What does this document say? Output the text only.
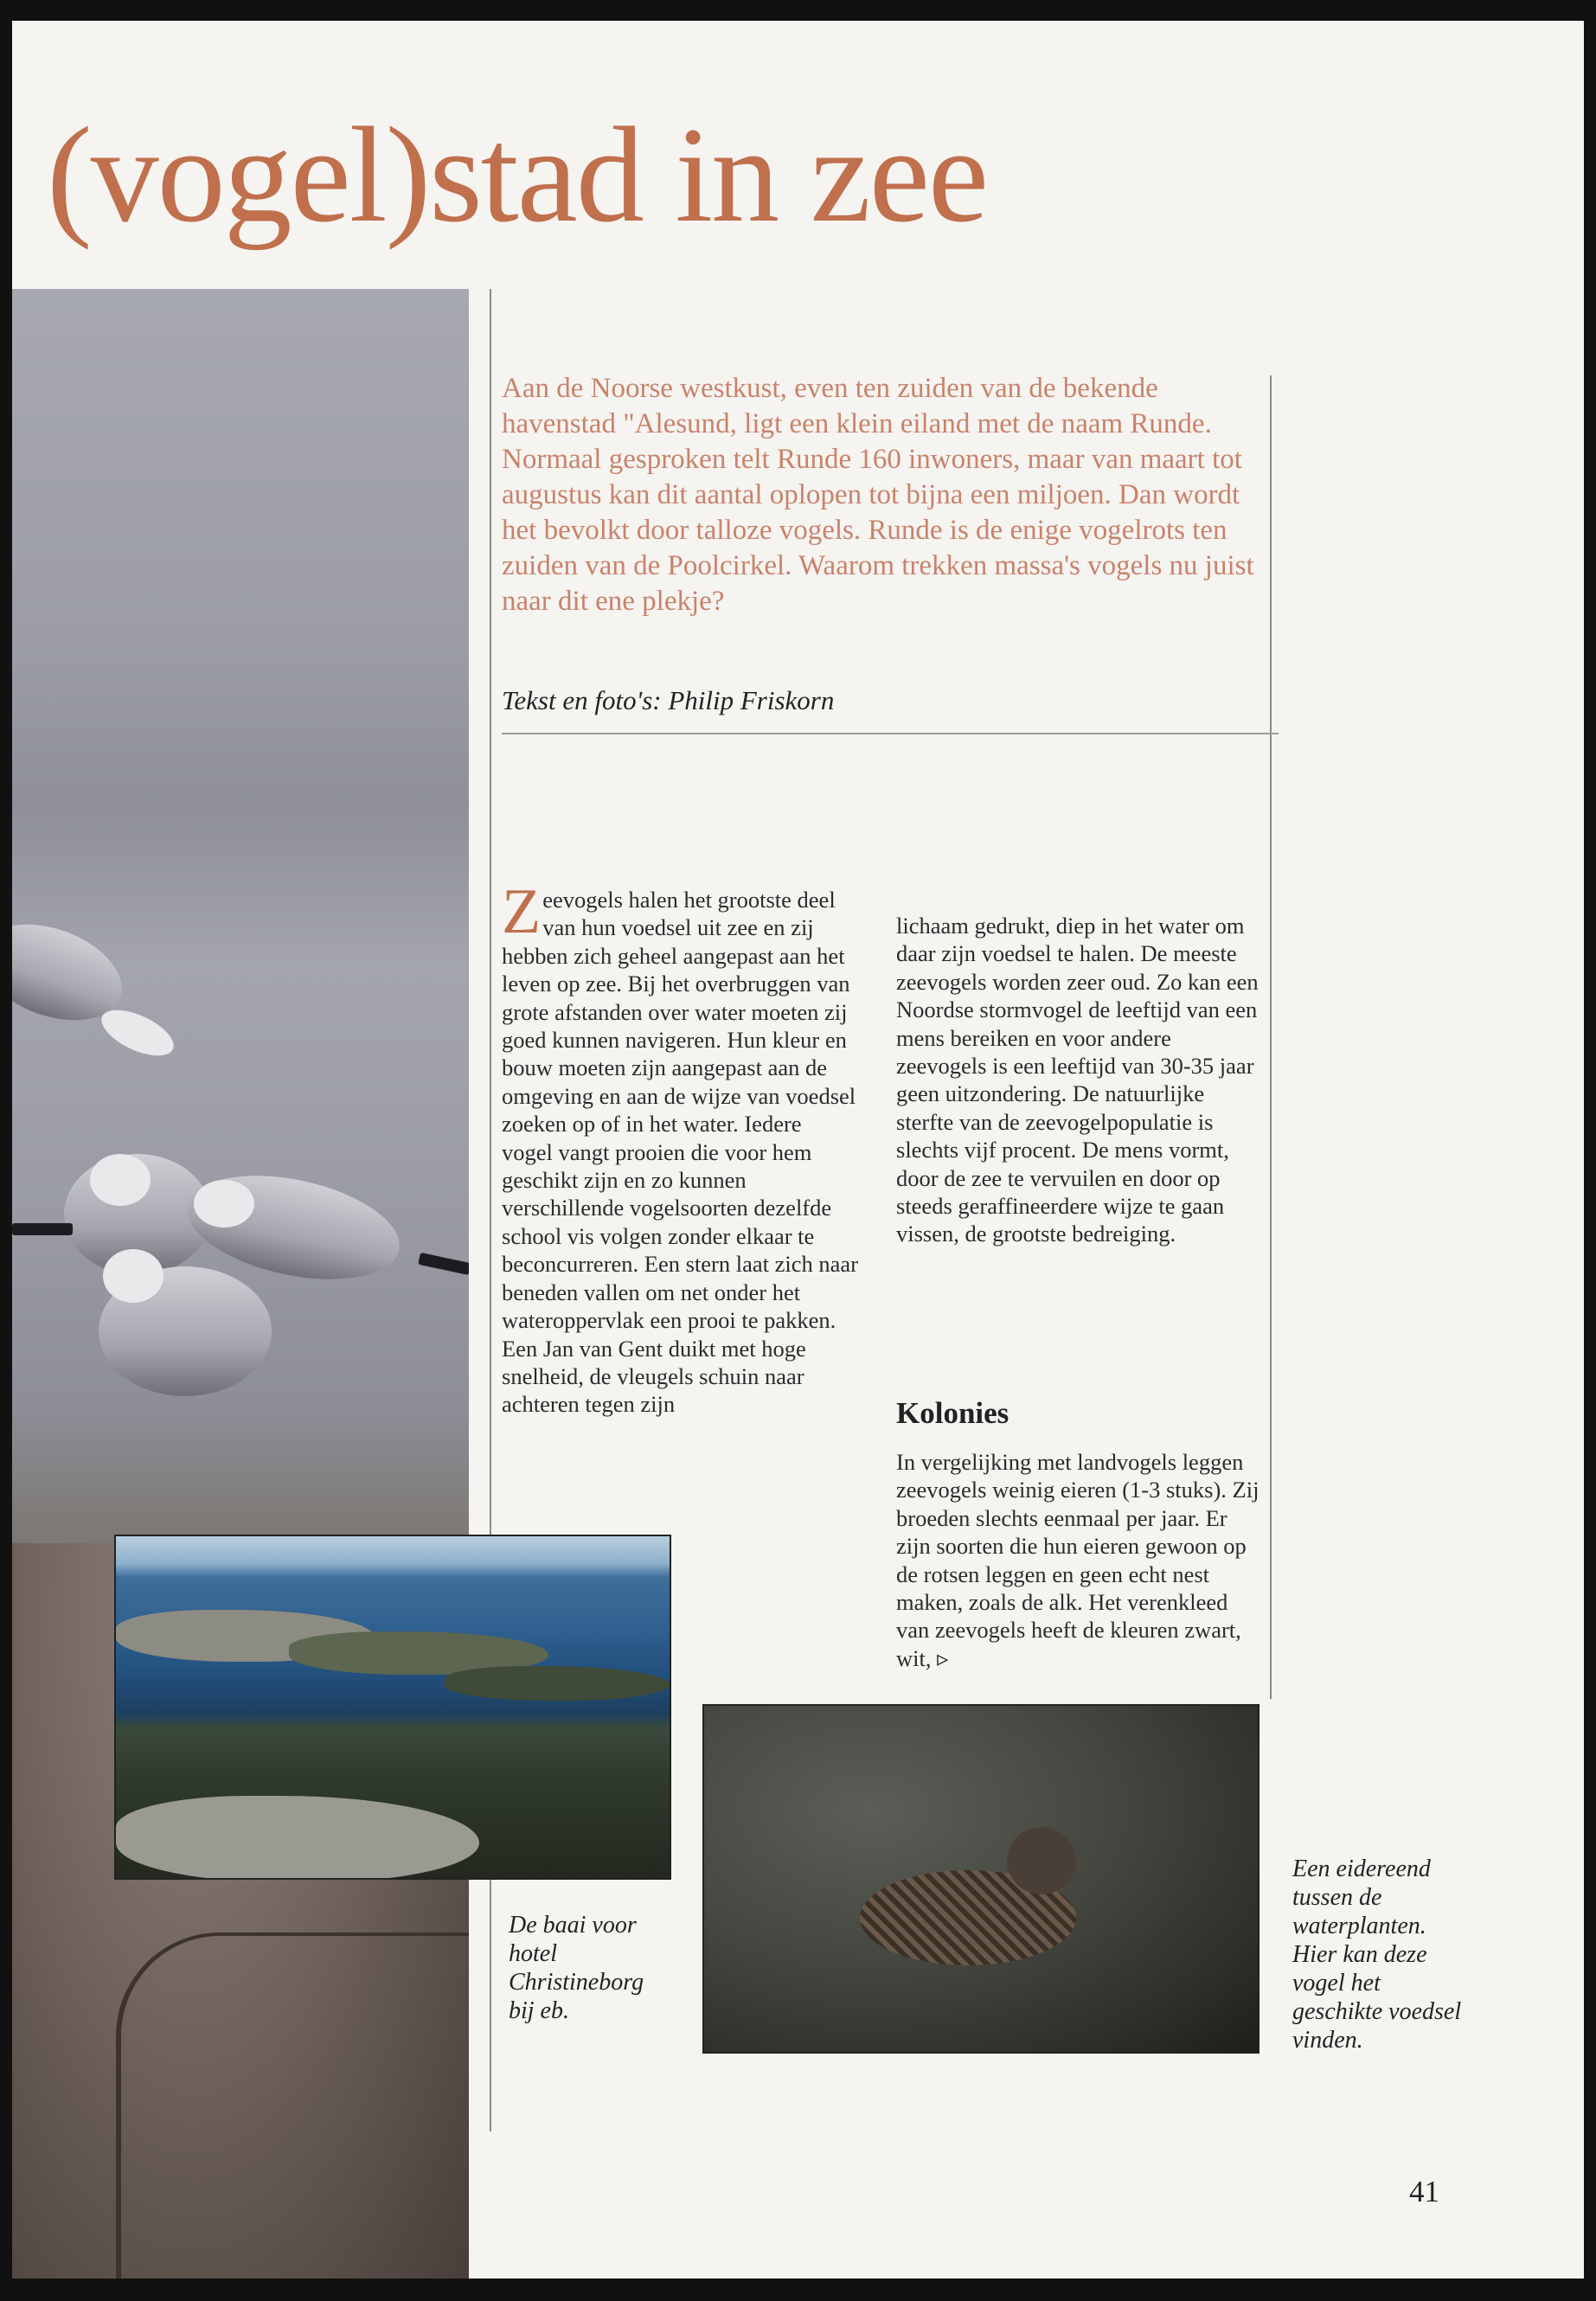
(vogel)stad in zee

Aan de Noorse westkust, even ten zuiden van de bekende havenstad "Alesund, ligt een klein eiland met de naam Runde. Normaal gesproken telt Runde 160 inwoners, maar van maart tot augustus kan dit aantal oplopen tot bijna een miljoen. Dan wordt het bevolkt door talloze vogels. Runde is de enige vogelrots ten zuiden van de Poolcirkel. Waarom trekken massa's vogels nu juist naar dit ene plekje?

Tekst en foto's: Philip Friskorn

Zeevogels halen het grootste deel van hun voedsel uit zee en zij hebben zich geheel aangepast aan het leven op zee. Bij het overbruggen van grote afstanden over water moeten zij goed kunnen navigeren. Hun kleur en bouw moeten zijn aangepast aan de omgeving en aan de wijze van voedsel zoeken op of in het water. Iedere vogel vangt prooien die voor hem geschikt zijn en zo kunnen verschillende vogelsoorten dezelfde school vis volgen zonder elkaar te beconcurreren. Een stern laat zich naar beneden vallen om net onder het wateroppervlak een prooi te pakken. Een Jan van Gent duikt met hoge snelheid, de vleugels schuin naar achteren tegen zijn

lichaam gedrukt, diep in het water om daar zijn voedsel te halen. De meeste zeevogels worden zeer oud. Zo kan een Noordse stormvogel de leeftijd van een mens bereiken en voor andere zeevogels is een leeftijd van 30-35 jaar geen uitzondering. De natuurlijke sterfte van de zeevogelpopulatie is slechts vijf procent. De mens vormt, door de zee te vervuilen en door op steeds geraffineerdere wijze te gaan vissen, de grootste bedreiging.

Kolonies

In vergelijking met landvogels leggen zeevogels weinig eieren (1-3 stuks). Zij broeden slechts eenmaal per jaar. Er zijn soorten die hun eieren gewoon op de rotsen leggen en geen echt nest maken, zoals de alk. Het verenkleed van zeevogels heeft de kleuren zwart, wit, ▹

De baai voor hotel Christineborg bij eb.

Een eidereend tussen de waterplanten. Hier kan deze vogel het geschikte voedsel vinden.

41
